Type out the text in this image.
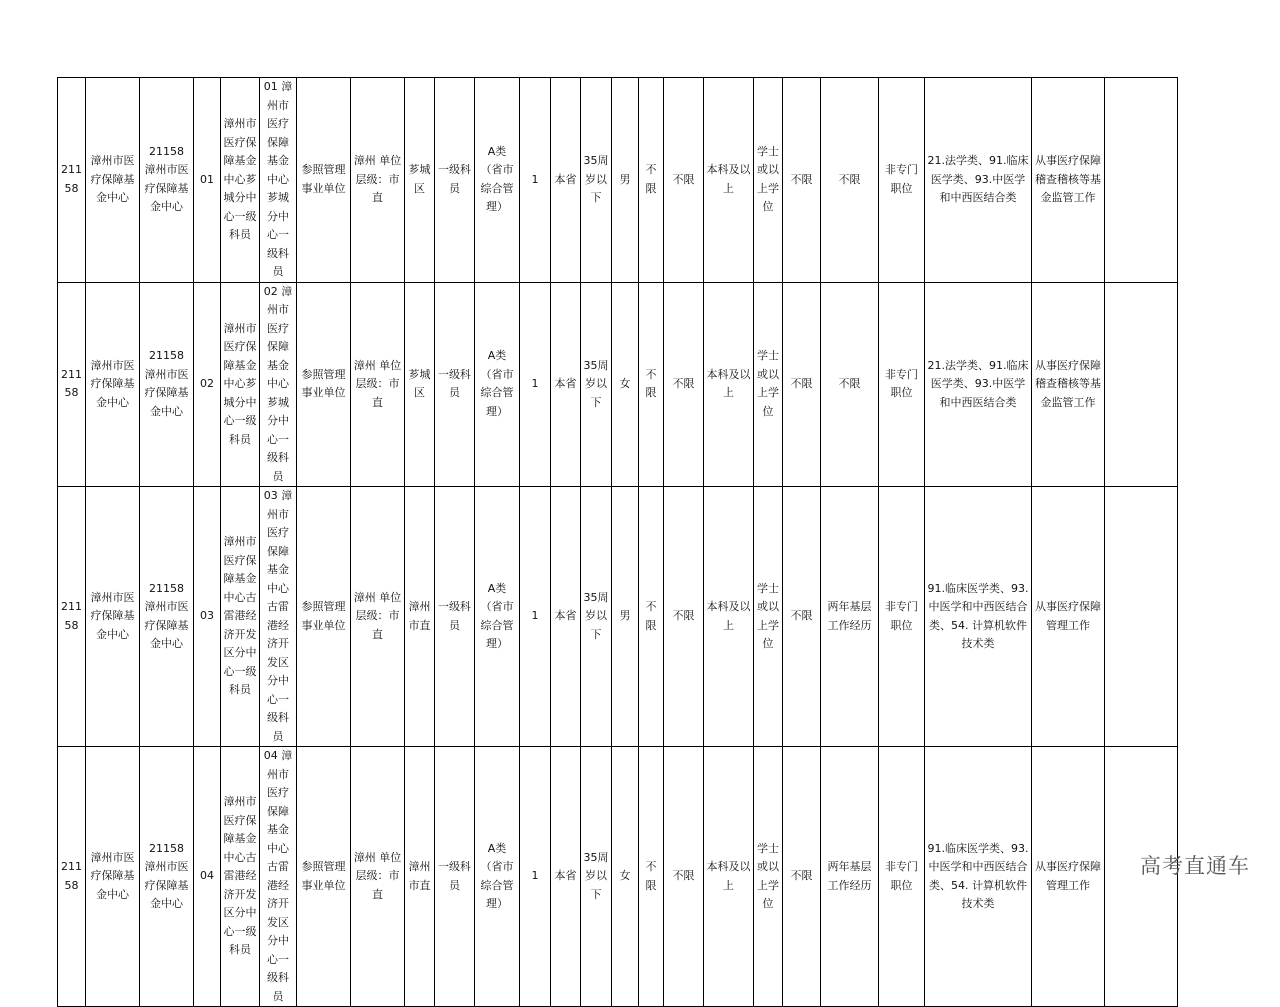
21158	漳州市医疗保障基金中心	21158 漳州市医疗保障基金中心	01	漳州市医疗保障基金中心芗城分中心一级科员	01 漳州市医疗保障基金中心芗城分中心一级科员	参照管理事业单位	漳州 单位层级：市直	芗城区	一级科员	A类（省市综合管理）	1	本省	35周岁以下	男	不限	不限	本科及以上	学士或以上学位	不限	不限	非专门职位	21.法学类、91.临床医学类、93.中医学和中西医结合类	从事医疗保障稽查稽核等基金监管工作	
21158	漳州市医疗保障基金中心	21158 漳州市医疗保障基金中心	02	漳州市医疗保障基金中心芗城分中心一级科员	02 漳州市医疗保障基金中心芗城分中心一级科员	参照管理事业单位	漳州 单位层级：市直	芗城区	一级科员	A类（省市综合管理）	1	本省	35周岁以下	女	不限	不限	本科及以上	学士或以上学位	不限	不限	非专门职位	21.法学类、91.临床医学类、93.中医学和中西医结合类	从事医疗保障稽查稽核等基金监管工作	
21158	漳州市医疗保障基金中心	21158 漳州市医疗保障基金中心	03	漳州市医疗保障基金中心古雷港经济开发区分中心一级科员	03 漳州市医疗保障基金中心古雷港经济开发区分中心一级科员	参照管理事业单位	漳州 单位层级：市直	漳州市直	一级科员	A类（省市综合管理）	1	本省	35周岁以下	男	不限	不限	本科及以上	学士或以上学位	不限	两年基层工作经历	非专门职位	91.临床医学类、93.中医学和中西医结合类、54. 计算机软件技术类	从事医疗保障管理工作	
21158	漳州市医疗保障基金中心	21158 漳州市医疗保障基金中心	04	漳州市医疗保障基金中心古雷港经济开发区分中心一级科员	04 漳州市医疗保障基金中心古雷港经济开发区分中心一级科员	参照管理事业单位	漳州 单位层级：市直	漳州市直	一级科员	A类（省市综合管理）	1	本省	35周岁以下	女	不限	不限	本科及以上	学士或以上学位	不限	两年基层工作经历	非专门职位	91.临床医学类、93.中医学和中西医结合类、54. 计算机软件技术类	从事医疗保障管理工作	
高考直通车
